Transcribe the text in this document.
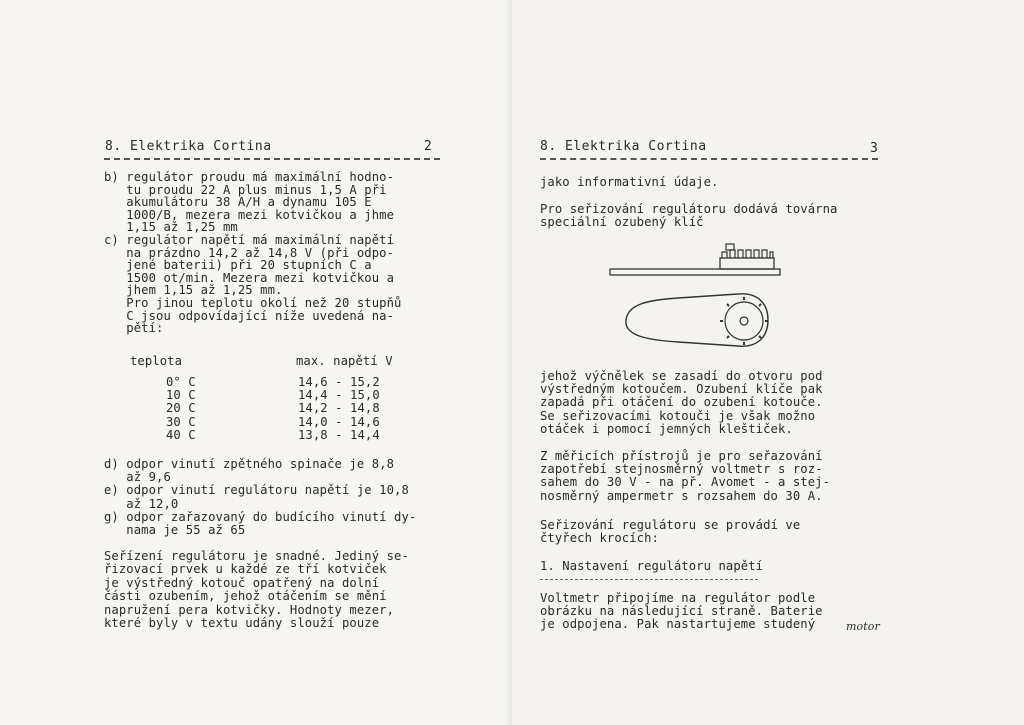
8. Elektrika Cortina	2
b) regulátor proudu má maximální hodno-
tu proudu 22 A plus minus 1,5 A při
akumulátoru 38 A/H a dynamu 105 E
1000/B, mezera mezi kotvičkou a jhme
1,15 až 1,25 mm
c) regulátor napětí má maximální napětí
na prázdno 14,2 až 14,8 V (při odpo-
jené baterii) při 20 stupních C a
1500 ot/min. Mezera mezi kotvičkou a
jhem 1,15 až 1,25 mm.
Pro jinou teplotu okolí než 20 stupňů
C jsou odpovídající níže uvedená na-
pětí:
teplota	max. napětí V
0° C	14,6 - 15,2
10 C	14,4 - 15,0
20 C	14,2 - 14,8
30 C	14,0 - 14,6
40 C	13,8 - 14,4
d) odpor vinutí zpětného spinače je 8,8
až 9,6
e) odpor vinutí regulátoru napětí je 10,8
až 12,0
g) odpor zařazovaný do budícího vinutí dy-
nama je 55 až 65
Seřízení regulátoru je snadné. Jediný se-
řizovací prvek u každé ze tří kotviček
je výstředný kotouč opatřený na dolní
části ozubením, jehož otáčením se mění
napružení pera kotvičky. Hodnoty mezer,
které byly v textu udány slouží pouze
8. Elektrika Cortina	3
jako informativní údaje.
Pro seřizování regulátoru dodává továrna
speciální ozubený klíč
jehož výčnělek se zasadí do otvoru pod
výstředným kotoučem. Ozubení klíče pak
zapadá při otáčení do ozubení kotouče.
Se seřizovacími kotouči je však možno
otáček i pomocí jemných kleštiček.
Z měřicích přístrojů je pro seřazování
zapotřebí stejnosměrný voltmetr s roz-
sahem do 30 V - na př. Avomet - a stej-
nosměrný ampermetr s rozsahem do 30 A.
Seřizování regulátoru se provádí ve
čtyřech krocích:
1. Nastavení regulátoru napětí
Voltmetr připojíme na regulátor podle
obrázku na následující straně. Baterie
je odpojena. Pak nastartujeme studený	motor
